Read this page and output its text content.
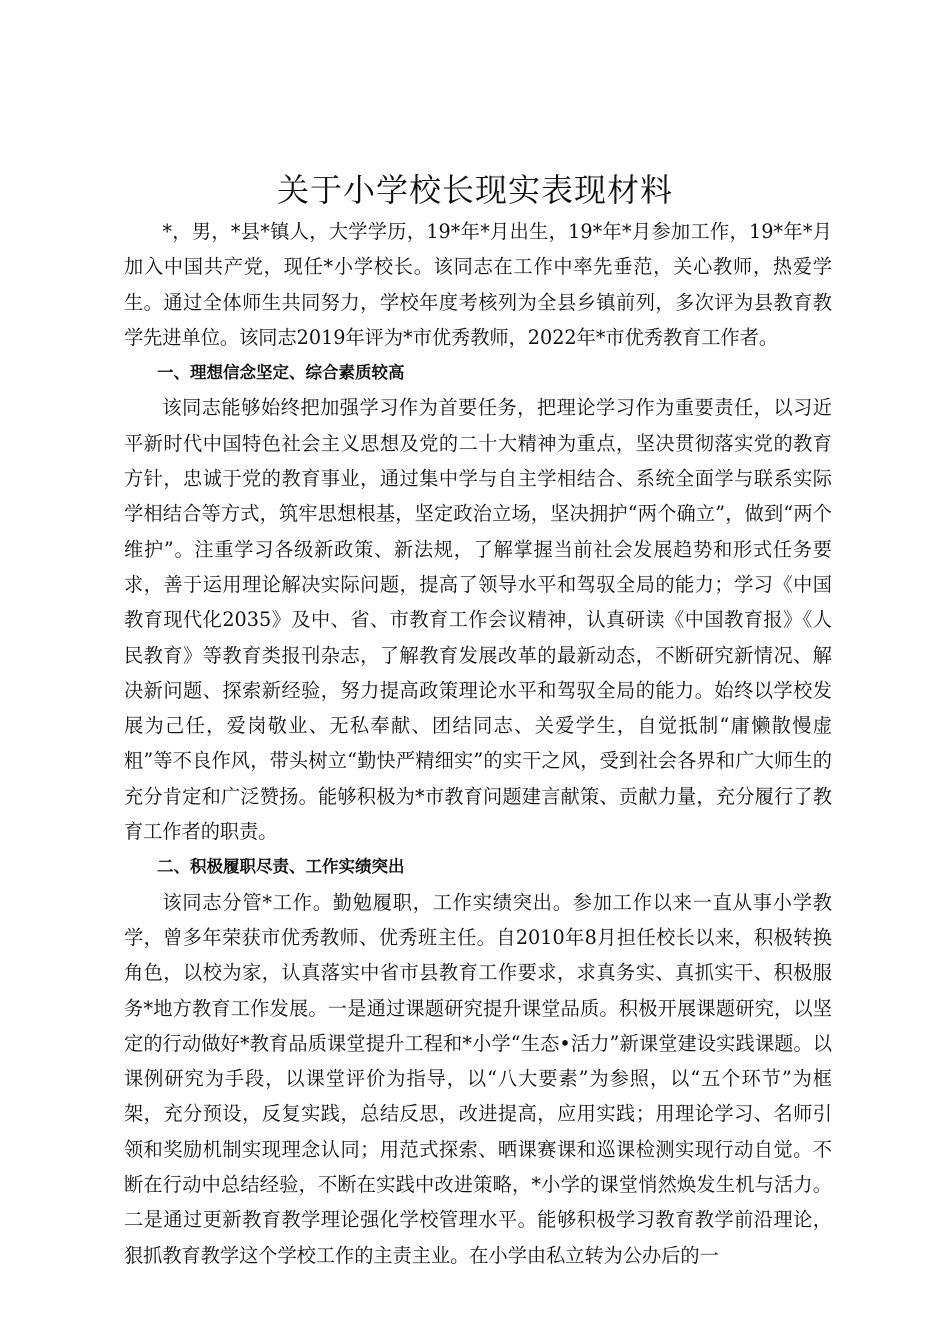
关于小学校长现实表现材料

*，男，*县*镇人，大学学历，19*年*月出生，19*年*月参加工作，19*年*月加入中国共产党，现任*小学校长。该同志在工作中率先垂范，关心教师，热爱学生。通过全体师生共同努力，学校年度考核列为全县乡镇前列，多次评为县教育教学先进单位。该同志2019年评为*市优秀教师，2022年*市优秀教育工作者。

一、理想信念坚定、综合素质较高

该同志能够始终把加强学习作为首要任务，把理论学习作为重要责任，以习近平新时代中国特色社会主义思想及党的二十大精神为重点，坚决贯彻落实党的教育方针，忠诚于党的教育事业，通过集中学与自主学相结合、系统全面学与联系实际学相结合等方式，筑牢思想根基，坚定政治立场，坚决拥护“两个确立”，做到“两个维护”。注重学习各级新政策、新法规，了解掌握当前社会发展趋势和形式任务要求，善于运用理论解决实际问题，提高了领导水平和驾驭全局的能力；学习《中国教育现代化2035》及中、省、市教育工作会议精神，认真研读《中国教育报》《人民教育》等教育类报刊杂志，了解教育发展改革的最新动态，不断研究新情况、解决新问题、探索新经验，努力提高政策理论水平和驾驭全局的能力。始终以学校发展为己任，爱岗敬业、无私奉献、团结同志、关爱学生，自觉抵制“庸懒散慢虚粗”等不良作风，带头树立“勤快严精细实”的实干之风，受到社会各界和广大师生的充分肯定和广泛赞扬。能够积极为*市教育问题建言献策、贡献力量，充分履行了教育工作者的职责。

二、积极履职尽责、工作实绩突出

该同志分管*工作。勤勉履职，工作实绩突出。参加工作以来一直从事小学教学，曾多年荣获市优秀教师、优秀班主任。自2010年8月担任校长以来，积极转换角色，以校为家，认真落实中省市县教育工作要求，求真务实、真抓实干、积极服务*地方教育工作发展。一是通过课题研究提升课堂品质。积极开展课题研究，以坚定的行动做好*教育品质课堂提升工程和*小学“生态•活力”新课堂建设实践课题。以课例研究为手段，以课堂评价为指导，以“八大要素”为参照，以“五个环节”为框架，充分预设，反复实践，总结反思，改进提高，应用实践；用理论学习、名师引领和奖励机制实现理念认同；用范式探索、晒课赛课和巡课检测实现行动自觉。不断在行动中总结经验，不断在实践中改进策略，*小学的课堂悄然焕发生机与活力。二是通过更新教育教学理论强化学校管理水平。能够积极学习教育教学前沿理论，狠抓教育教学这个学校工作的主责主业。在小学由私立转为公办后的一
